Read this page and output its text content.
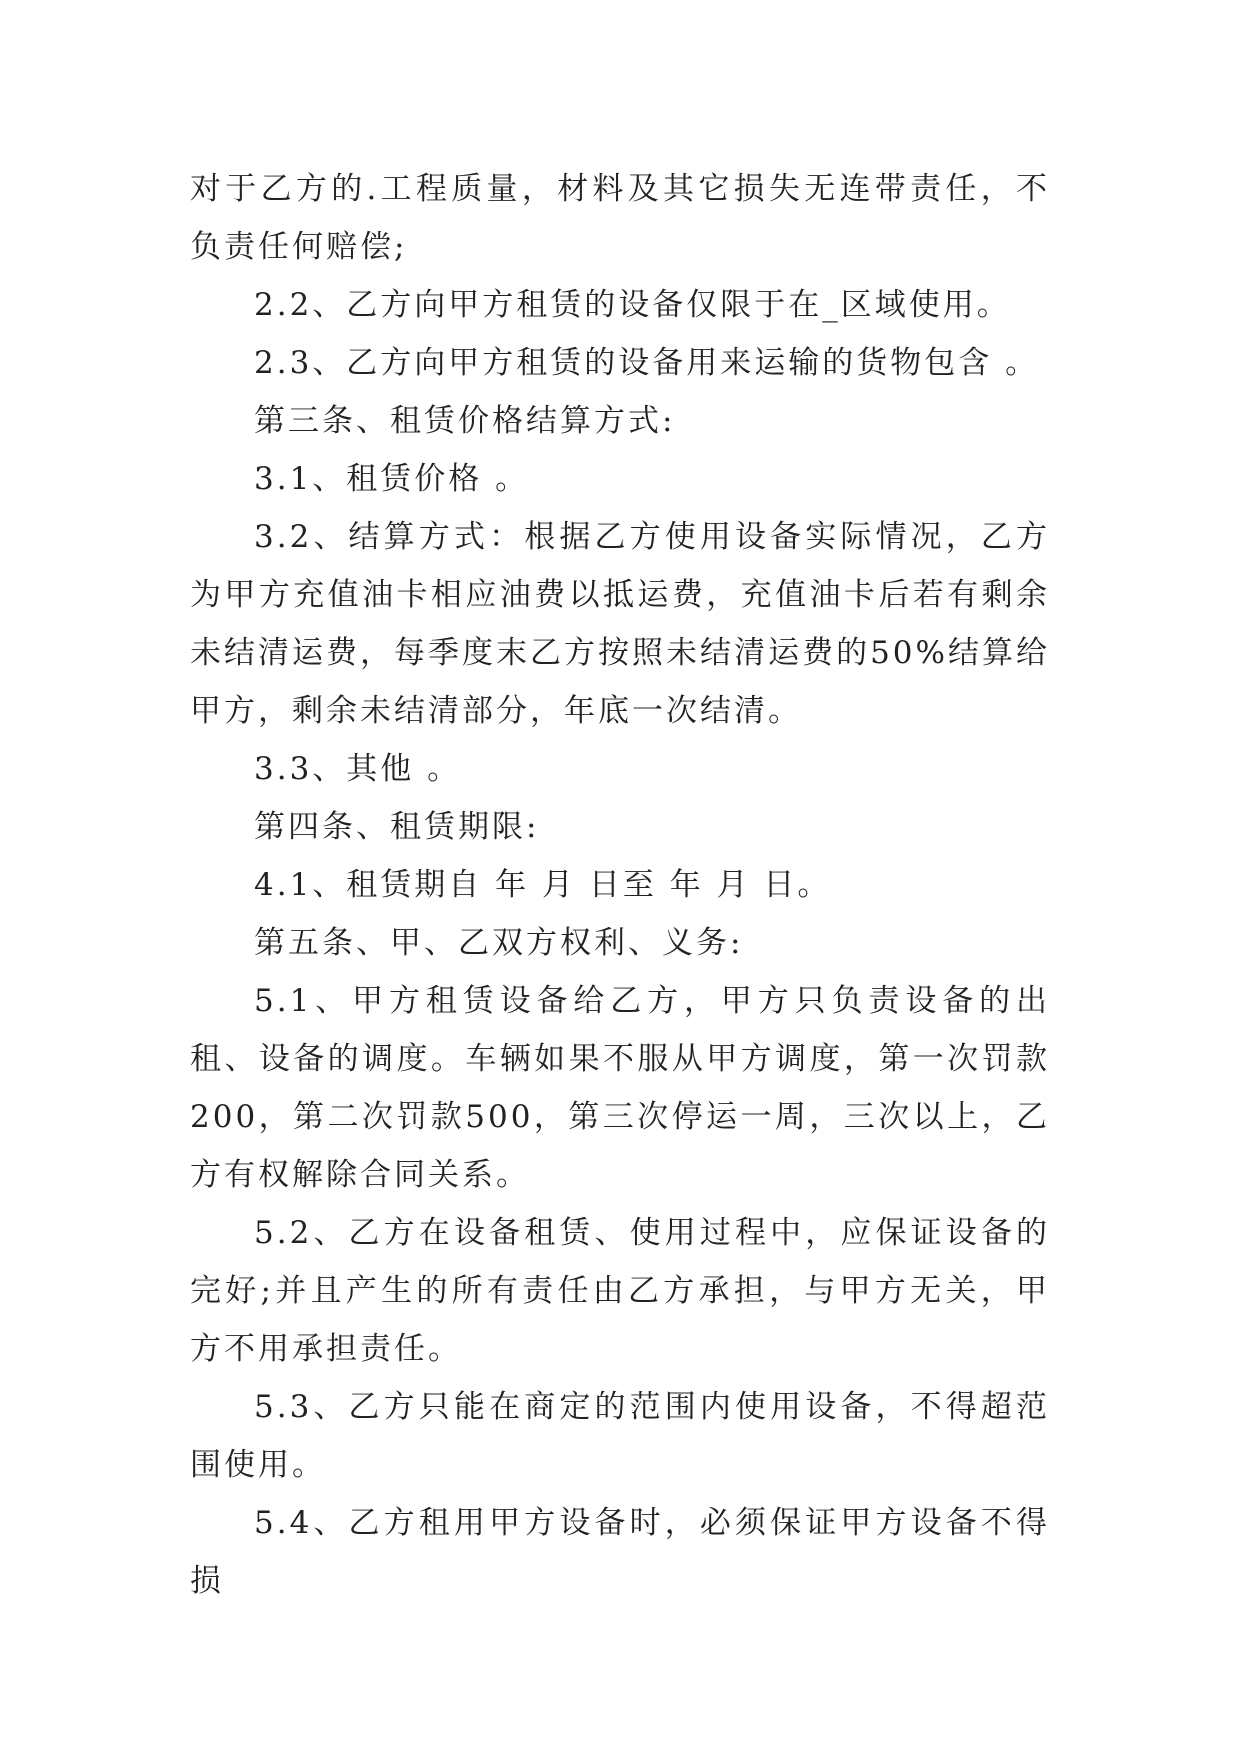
对于乙方的.工程质量，材料及其它损失无连带责任，不负责任何赔偿;

2.2、乙方向甲方租赁的设备仅限于在_区域使用。

2.3、乙方向甲方租赁的设备用来运输的货物包含 。

第三条、租赁价格结算方式:

3.1、租赁价格 。

3.2、结算方式：根据乙方使用设备实际情况，乙方为甲方充值油卡相应油费以抵运费，充值油卡后若有剩余未结清运费，每季度末乙方按照未结清运费的50%结算给甲方，剩余未结清部分，年底一次结清。

3.3、其他 。

第四条、租赁期限:

4.1、租赁期自 年 月 日至 年 月 日。

第五条、甲、乙双方权利、义务:

5.1、甲方租赁设备给乙方，甲方只负责设备的出租、设备的调度。车辆如果不服从甲方调度，第一次罚款200，第二次罚款500，第三次停运一周，三次以上，乙方有权解除合同关系。

5.2、乙方在设备租赁、使用过程中，应保证设备的完好;并且产生的所有责任由乙方承担，与甲方无关，甲方不用承担责任。

5.3、乙方只能在商定的范围内使用设备，不得超范围使用。

5.4、乙方租用甲方设备时，必须保证甲方设备不得损
